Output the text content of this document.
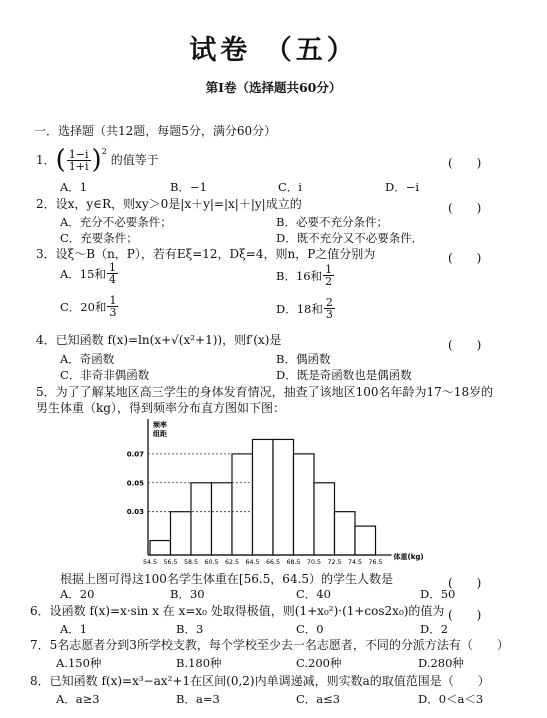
试卷 （五）
第Ⅰ卷（选择题共60分）
一．选择题（共12题，每题5分，满分60分）
1． ( $\frac{1-i}{1+i} )^2$
的值等于	(　　)
A．1	B．−1	C．i	D．−i
2．设x，y∈R，则xy＞0是|x＋y|=|x|＋|y|成立的	(　　)
A．充分不必要条件；	B．必要不充分条件；
C．充要条件；	D．既不充分又不必要条件．
3．设ξ～B（n，P），若有Eξ=12，Dξ=4，则n，P之值分别为	(　　)
A．15和 $\frac{1}{4}$	B．16和 $\frac{1}{2}$
C．20和 $\frac{1}{3}$	D．18和 $\frac{2}{3}$
4．已知函数 f(x)=ln(x+√(x²+1))，则f′(x)是	(　　)
A．奇函数	B．偶函数
C．非奇非偶函数	D．既是奇函数也是偶函数
5．为了了解某地区高三学生的身体发育情况，抽查了该地区100名年龄为17～18岁的
男生体重（kg），得到频率分布直方图如下图：
频率
组距
0.07
0.05
0.03
54.5 56.5 58.5 60.5 62.5 64.5 66.5 68.5 70.5 72.5 74.5 76.5
体重(kg)
根据上图可得这100名学生体重在[56.5，64.5）的学生人数是	(　　)
A．20	B．30	C．40	D．50
6．设函数 f(x)=x·sin x 在 x=x₀ 处取得极值，则(1+x₀²)·(1+cos2x₀)的值为 (　　)
A．1	B．3	C．0	D．2
7．5名志愿者分到3所学校支教，每个学校至少去一名志愿者，不同的分派方法有（　　）
A.150种	B.180种	C.200种	D.280种
8．已知函数 f(x)=x³−ax²+1在区间(0,2)内单调递减，则实数a的取值范围是（　　）
A．a≥3	B．a=3	C．a≤3	D．0＜a＜3
